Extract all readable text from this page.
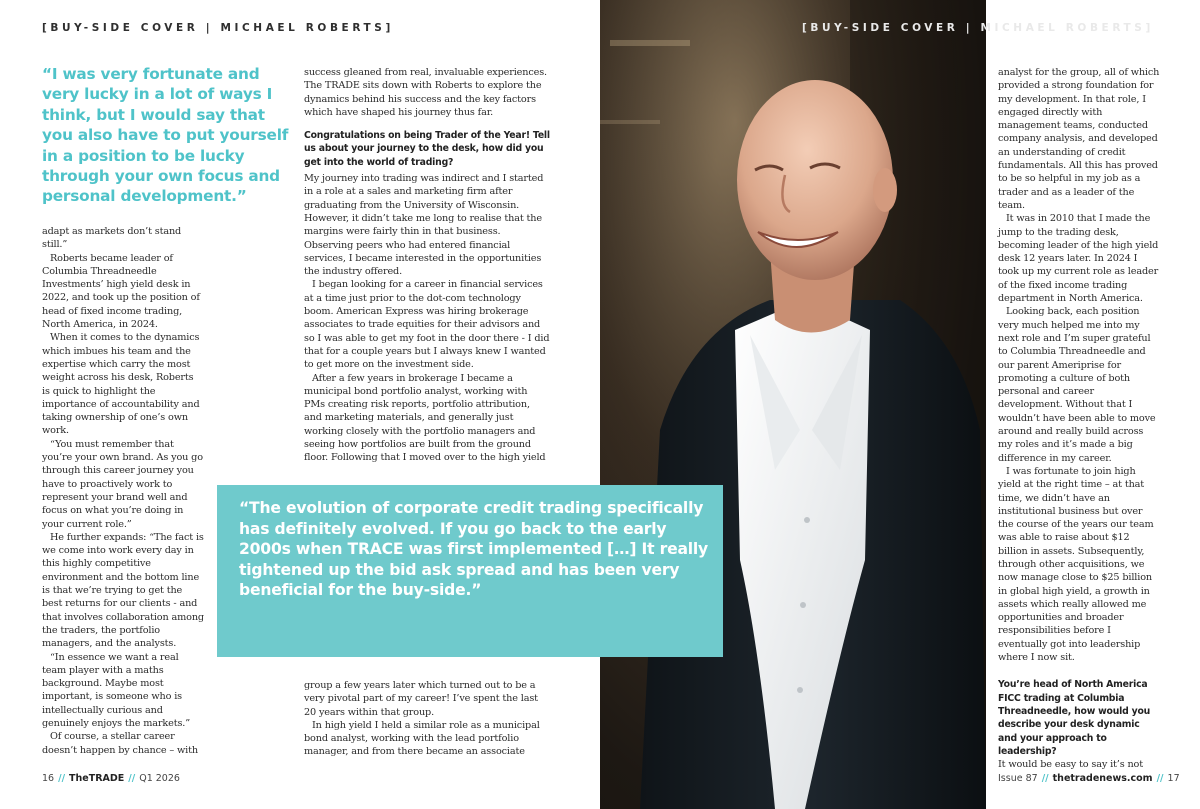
[BUY-SIDE COVER | MICHAEL ROBERTS]	[BUY-SIDE COVER | MICHAEL ROBERTS]
“I was very fortunate and very lucky in a lot of ways I think, but I would say that you also have to put yourself in a position to be lucky through your own focus and personal development.”

adapt as markets don’t stand still.”

Roberts became leader of Columbia Threadneedle Investments’ high yield desk in 2022, and took up the position of head of fixed income trading, North America, in 2024.

When it comes to the dynamics which imbues his team and the expertise which carry the most weight across his desk, Roberts is quick to highlight the importance of accountability and taking ownership of one’s own work.

“You must remember that you’re your own brand. As you go through this career journey you have to proactively work to represent your brand well and focus on what you’re doing in your current role.”

He further expands: “The fact is we come into work every day in this highly competitive environment and the bottom line is that we’re trying to get the best returns for our clients - and that involves collaboration among the traders, the portfolio managers, and the analysts.

“In essence we want a real team player with a maths background. Maybe most important, is someone who is intellectually curious and genuinely enjoys the markets.”

Of course, a stellar career doesn’t happen by chance – with

success gleaned from real, invaluable experiences. The TRADE sits down with Roberts to explore the dynamics behind his success and the key factors which have shaped his journey thus far.

Congratulations on being Trader of the Year! Tell us about your journey to the desk, how did you get into the world of trading?

My journey into trading was indirect and I started in a role at a sales and marketing firm after graduating from the University of Wisconsin. However, it didn’t take me long to realise that the margins were fairly thin in that business. Observing peers who had entered financial services, I became interested in the opportunities the industry offered.

I began looking for a career in financial services at a time just prior to the dot-com technology boom. American Express was hiring brokerage associates to trade equities for their advisors and so I was able to get my foot in the door there - I did that for a couple years but I always knew I wanted to get more on the investment side.

After a few years in brokerage I became a municipal bond portfolio analyst, working with PMs creating risk reports, portfolio attribution, and marketing materials, and generally just working closely with the portfolio managers and seeing how portfolios are built from the ground floor. Following that I moved over to the high yield

group a few years later which turned out to be a very pivotal part of my career! I’ve spent the last 20 years within that group.

In high yield I held a similar role as a municipal bond analyst, working with the lead portfolio manager, and from there became an associate

“The evolution of corporate credit trading specifically has definitely evolved. If you go back to the early 2000s when TRACE was first implemented […] It really tightened up the bid ask spread and has been very beneficial for the buy-side.”

analyst for the group, all of which provided a strong foundation for my development. In that role, I engaged directly with management teams, conducted company analysis, and developed an understanding of credit fundamentals. All this has proved to be so helpful in my job as a trader and as a leader of the team.

It was in 2010 that I made the jump to the trading desk, becoming leader of the high yield desk 12 years later. In 2024 I took up my current role as leader of the fixed income trading department in North America.

Looking back, each position very much helped me into my next role and I’m super grateful to Columbia Threadneedle and our parent Ameriprise for promoting a culture of both personal and career development. Without that I wouldn’t have been able to move around and really build across my roles and it’s made a big difference in my career.

I was fortunate to join high yield at the right time – at that time, we didn’t have an institutional business but over the course of the years our team was able to raise about $12 billion in assets. Subsequently, through other acquisitions, we now manage close to $25 billion in global high yield, a growth in assets which really allowed me opportunities and broader responsibilities before I eventually got into leadership where I now sit.

You’re head of North America FICC trading at Columbia Threadneedle, how would you describe your desk dynamic and your approach to leadership?

It would be easy to say it’s not

16 // TheTRADE // Q1 2026	Issue 87 // thetradenews.com // 17
